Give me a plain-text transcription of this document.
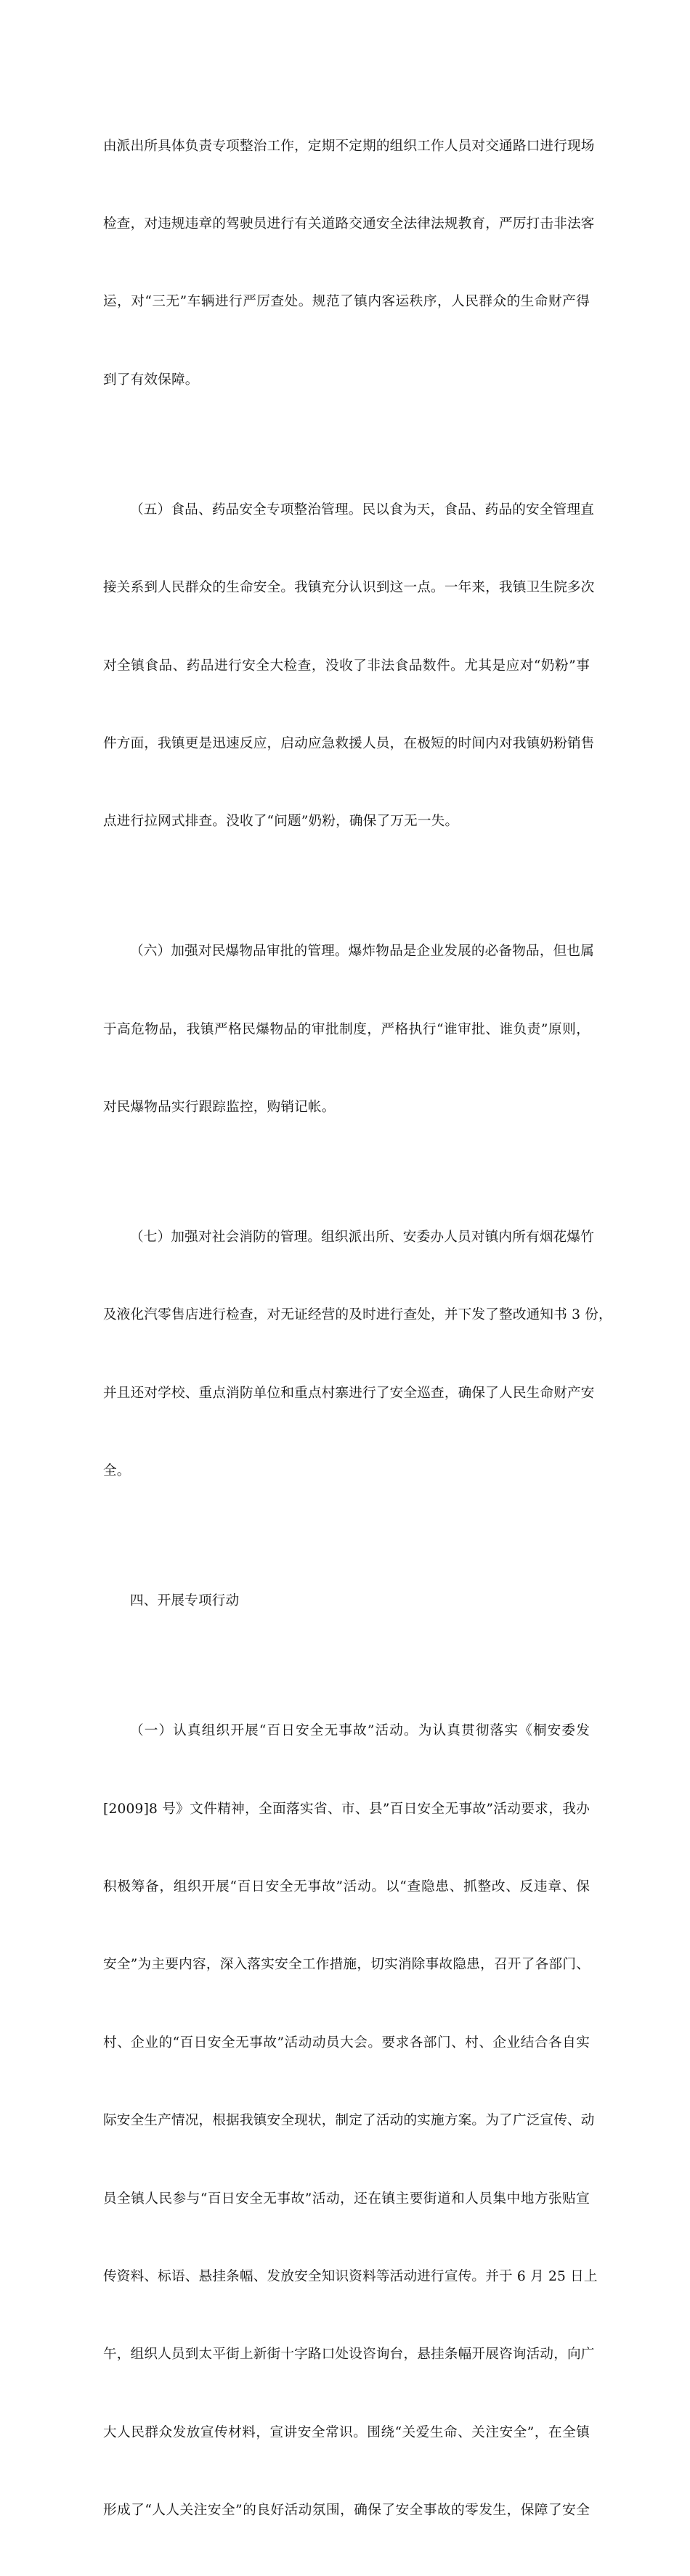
由派出所具体负责专项整治工作，定期不定期的组织工作人员对交通路口进行现场

检查，对违规违章的驾驶员进行有关道路交通安全法律法规教育，严厉打击非法客

运，对“三无”车辆进行严厉查处。规范了镇内客运秩序，人民群众的生命财产得

到了有效保障。

（五）食品、药品安全专项整治管理。民以食为天，食品、药品的安全管理直

接关系到人民群众的生命安全。我镇充分认识到这一点。一年来，我镇卫生院多次

对全镇食品、药品进行安全大检查，没收了非法食品数件。尤其是应对“奶粉”事

件方面，我镇更是迅速反应，启动应急救援人员，在极短的时间内对我镇奶粉销售

点进行拉网式排查。没收了“问题”奶粉，确保了万无一失。

（六）加强对民爆物品审批的管理。爆炸物品是企业发展的必备物品，但也属

于高危物品，我镇严格民爆物品的审批制度，严格执行“谁审批、谁负责”原则，

对民爆物品实行跟踪监控，购销记帐。

（七）加强对社会消防的管理。组织派出所、安委办人员对镇内所有烟花爆竹

及液化汽零售店进行检查，对无证经营的及时进行查处，并下发了整改通知书 3 份，

并且还对学校、重点消防单位和重点村寨进行了安全巡查，确保了人民生命财产安

全。

四、开展专项行动

（一）认真组织开展“百日安全无事故”活动。为认真贯彻落实《桐安委发

[2009]8 号》文件精神，全面落实省、市、县”百日安全无事故”活动要求，我办

积极筹备，组织开展“百日安全无事故”活动。以“查隐患、抓整改、反违章、保

安全”为主要内容，深入落实安全工作措施，切实消除事故隐患，召开了各部门、

村、企业的“百日安全无事故”活动动员大会。要求各部门、村、企业结合各自实

际安全生产情况，根据我镇安全现状，制定了活动的实施方案。为了广泛宣传、动

员全镇人民参与“百日安全无事故”活动，还在镇主要街道和人员集中地方张贴宣

传资料、标语、悬挂条幅、发放安全知识资料等活动进行宣传。并于 6 月 25 日上

午，组织人员到太平街上新街十字路口处设咨询台，悬挂条幅开展咨询活动，向广

大人民群众发放宣传材料，宣讲安全常识。围绕“关爱生命、关注安全”，在全镇

形成了“人人关注安全”的良好活动氛围，确保了安全事故的零发生，保障了安全
